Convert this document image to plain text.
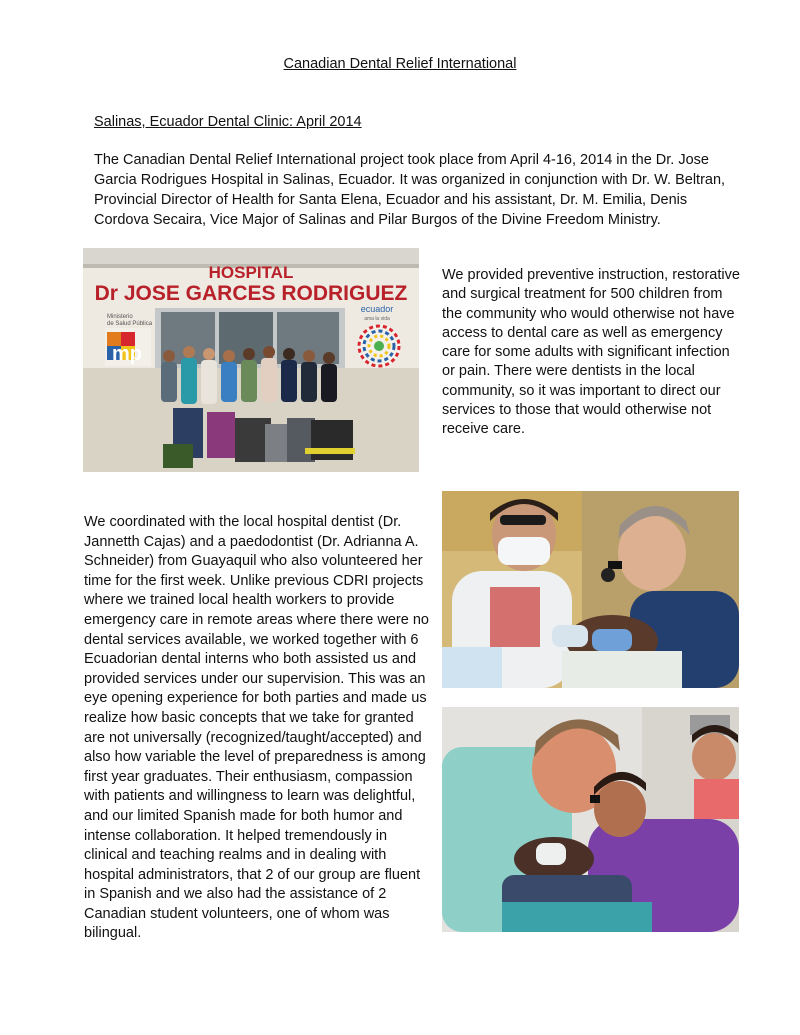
Canadian Dental Relief International
Salinas, Ecuador Dental Clinic: April 2014
The Canadian Dental Relief International project took place from April 4-16, 2014 in the Dr. Jose Garcia Rodrigues Hospital in Salinas, Ecuador. It was organized in conjunction with Dr. W. Beltran, Provincial Director of Health for Santa Elena, Ecuador and his assistant, Dr. M. Emilia, Denis Cordova Secaira, Vice Major of Salinas and Pilar Burgos of the Divine Freedom Ministry.
HOSPITAL
Dr JOSE GARCES RODRIGUEZ
Ministerio
de Salud Pública
mp
ecuador
ama la vida
We provided preventive instruction, restorative and surgical treatment for 500 children from the community who would otherwise not have access to dental care as well as emergency care for some adults with significant infection or pain. There were dentists in the local community, so it was important to direct our services to those that would otherwise not receive care.
We coordinated with the local hospital dentist (Dr. Jannetth Cajas) and a paedodontist (Dr. Adrianna A. Schneider) from Guayaquil who also volunteered her time for the first week. Unlike previous CDRI projects where we trained local health workers to provide emergency care in remote areas where there were no dental services available, we worked together with 6 Ecuadorian dental interns who both assisted us and provided services under our supervision. This was an eye opening experience for both parties and made us realize how basic concepts that we take for granted are not universally (recognized/taught/accepted) and also how variable the level of preparedness is among first year graduates. Their enthusiasm, compassion with patients and willingness to learn was delightful, and our limited Spanish made for both humor and intense collaboration. It helped tremendously in clinical and teaching realms and in dealing with hospital administrators, that 2 of our group are fluent in Spanish and we also had the assistance of 2 Canadian student volunteers, one of whom was bilingual.
